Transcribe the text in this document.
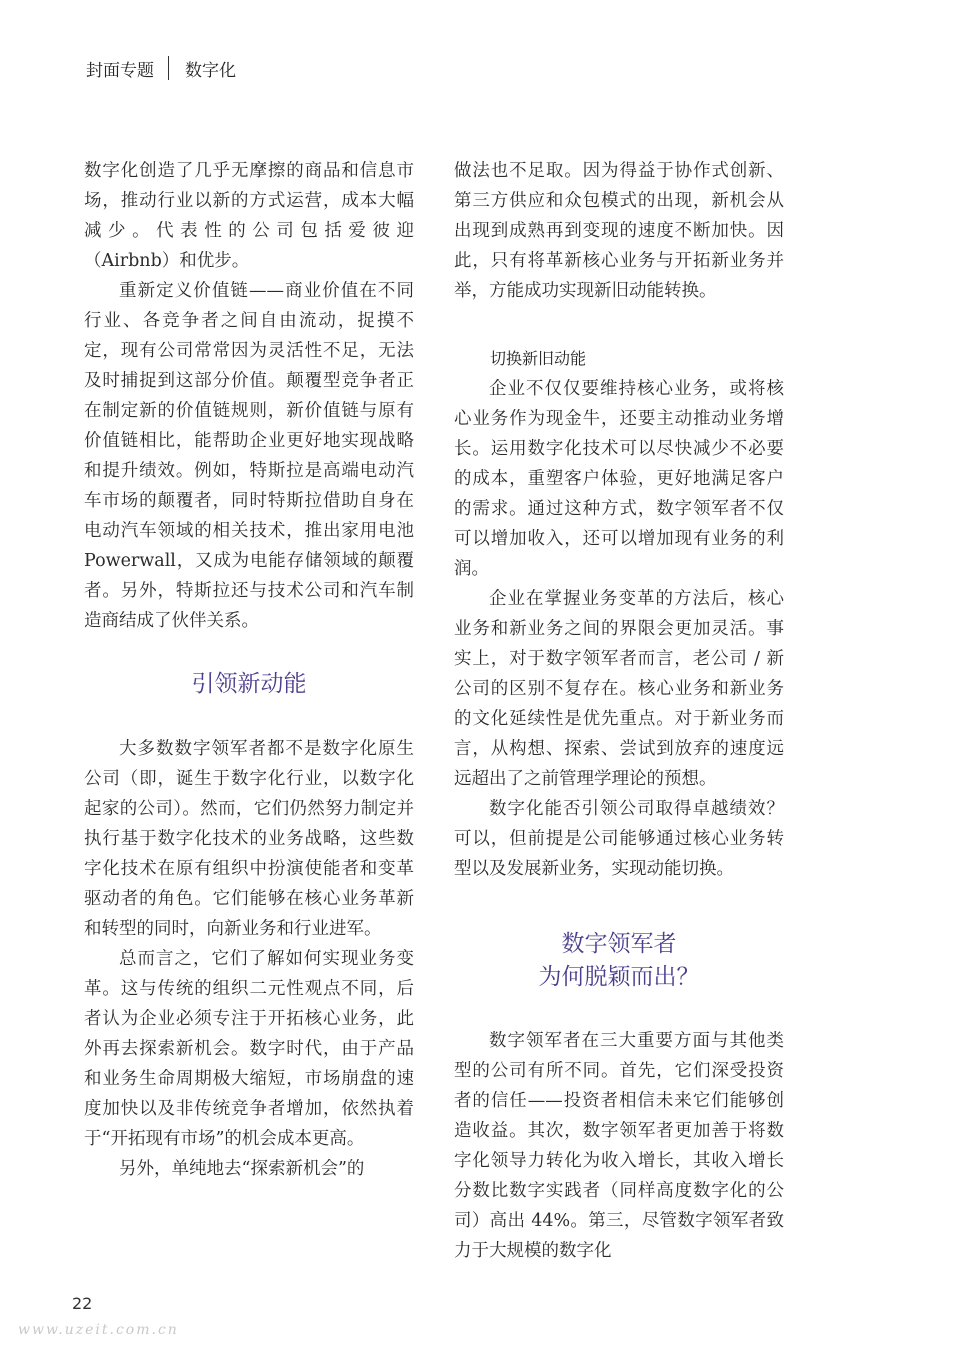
封面专题 数字化

数字化创造了几乎无摩擦的商品和信息市场，推动行业以新的方式运营，成本大幅减少。代表性的公司包括爱彼迎（Airbnb）和优步。

重新定义价值链——商业价值在不同行业、各竞争者之间自由流动，捉摸不定，现有公司常常因为灵活性不足，无法及时捕捉到这部分价值。颠覆型竞争者正在制定新的价值链规则，新价值链与原有价值链相比，能帮助企业更好地实现战略和提升绩效。例如，特斯拉是高端电动汽车市场的颠覆者，同时特斯拉借助自身在电动汽车领域的相关技术，推出家用电池 Powerwall，又成为电能存储领域的颠覆者。另外，特斯拉还与技术公司和汽车制造商结成了伙伴关系。

引领新动能

大多数数字领军者都不是数字化原生公司（即，诞生于数字化行业，以数字化起家的公司）。然而，它们仍然努力制定并执行基于数字化技术的业务战略，这些数字化技术在原有组织中扮演使能者和变革驱动者的角色。它们能够在核心业务革新和转型的同时，向新业务和行业进军。

总而言之，它们了解如何实现业务变革。这与传统的组织二元性观点不同，后者认为企业必须专注于开拓核心业务，此外再去探索新机会。数字时代，由于产品和业务生命周期极大缩短，市场崩盘的速度加快以及非传统竞争者增加，依然执着于“开拓现有市场”的机会成本更高。

另外，单纯地去“探索新机会”的

做法也不足取。因为得益于协作式创新、第三方供应和众包模式的出现，新机会从出现到成熟再到变现的速度不断加快。因此，只有将革新核心业务与开拓新业务并举，方能成功实现新旧动能转换。

切换新旧动能

企业不仅仅要维持核心业务，或将核心业务作为现金牛，还要主动推动业务增长。运用数字化技术可以尽快减少不必要的成本，重塑客户体验，更好地满足客户的需求。通过这种方式，数字领军者不仅可以增加收入，还可以增加现有业务的利润。

企业在掌握业务变革的方法后，核心业务和新业务之间的界限会更加灵活。事实上，对于数字领军者而言，老公司 / 新公司的区别不复存在。核心业务和新业务的文化延续性是优先重点。对于新业务而言，从构想、探索、尝试到放弃的速度远远超出了之前管理学理论的预想。

数字化能否引领公司取得卓越绩效？可以，但前提是公司能够通过核心业务转型以及发展新业务，实现动能切换。

数字领军者
为何脱颖而出？

数字领军者在三大重要方面与其他类型的公司有所不同。首先，它们深受投资者的信任——投资者相信未来它们能够创造收益。其次，数字领军者更加善于将数字化领导力转化为收入增长，其收入增长分数比数字实践者（同样高度数字化的公司）高出 44%。第三，尽管数字领军者致力于大规模的数字化

22
www.uzeit.com.cn
